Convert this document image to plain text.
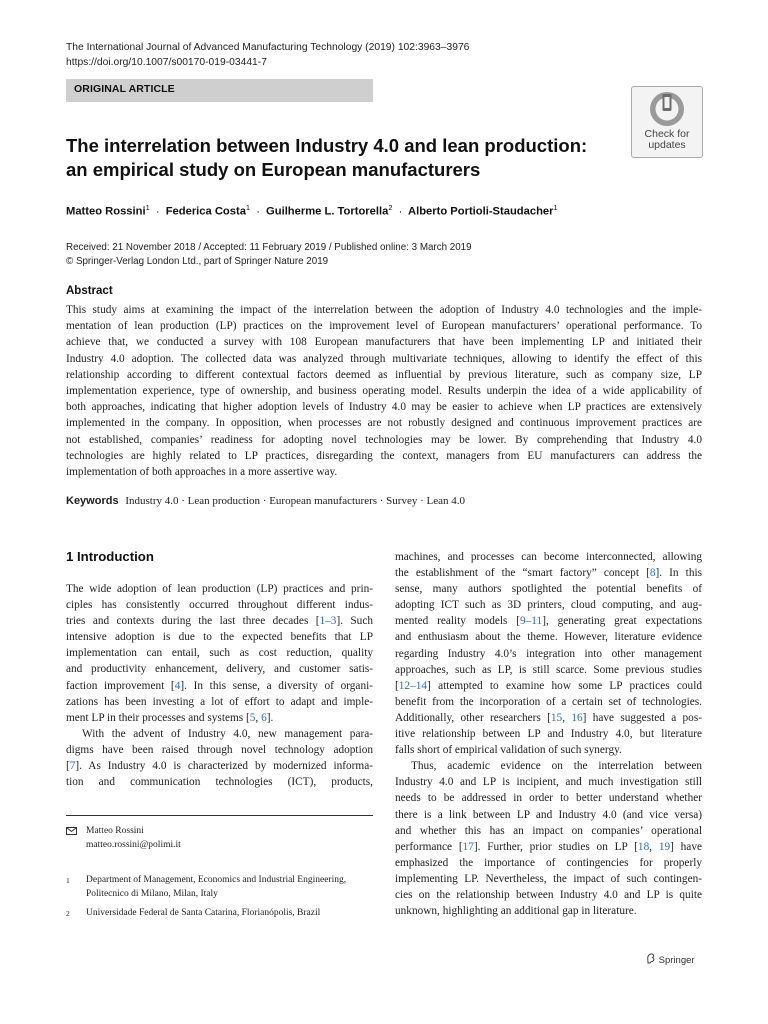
The International Journal of Advanced Manufacturing Technology (2019) 102:3963–3976
https://doi.org/10.1007/s00170-019-03441-7
ORIGINAL ARTICLE
Check for
updates
The interrelation between Industry 4.0 and lean production:
an empirical study on European manufacturers
Matteo Rossini$^1$ · Federica Costa$^1$ · Guilherme L. Tortorella$^2$ · Alberto Portioli-Staudacher$^1$
Received: 21 November 2018 / Accepted: 11 February 2019 / Published online: 3 March 2019
© Springer-Verlag London Ltd., part of Springer Nature 2019
Abstract
This study aims at examining the impact of the interrelation between the adoption of Industry 4.0 technologies and the imple-
mentation of lean production (LP) practices on the improvement level of European manufacturers’ operational performance. To
achieve that, we conducted a survey with 108 European manufacturers that have been implementing LP and initiated their
Industry 4.0 adoption. The collected data was analyzed through multivariate techniques, allowing to identify the effect of this
relationship according to different contextual factors deemed as influential by previous literature, such as company size, LP
implementation experience, type of ownership, and business operating model. Results underpin the idea of a wide applicability of
both approaches, indicating that higher adoption levels of Industry 4.0 may be easier to achieve when LP practices are extensively
implemented in the company. In opposition, when processes are not robustly designed and continuous improvement practices are
not established, companies’ readiness for adopting novel technologies may be lower. By comprehending that Industry 4.0
technologies are highly related to LP practices, disregarding the context, managers from EU manufacturers can address the
implementation of both approaches in a more assertive way.
Keywords Industry 4.0 · Lean production · European manufacturers · Survey · Lean 4.0
1 Introduction
The wide adoption of lean production (LP) practices and prin-
ciples has consistently occurred throughout different indus-
tries and contexts during the last three decades [1–3]. Such
intensive adoption is due to the expected benefits that LP
implementation can entail, such as cost reduction, quality
and productivity enhancement, delivery, and customer satis-
faction improvement [4]. In this sense, a diversity of organi-
zations has been investing a lot of effort to adapt and imple-
ment LP in their processes and systems [5, 6].
With the advent of Industry 4.0, new management para-
digms have been raised through novel technology adoption
[7]. As Industry 4.0 is characterized by modernized informa-
tion and communication technologies (ICT), products,
machines, and processes can become interconnected, allowing
the establishment of the “smart factory” concept [8]. In this
sense, many authors spotlighted the potential benefits of
adopting ICT such as 3D printers, cloud computing, and aug-
mented reality models [9–11], generating great expectations
and enthusiasm about the theme. However, literature evidence
regarding Industry 4.0’s integration into other management
approaches, such as LP, is still scarce. Some previous studies
[12–14] attempted to examine how some LP practices could
benefit from the incorporation of a certain set of technologies.
Additionally, other researchers [15, 16] have suggested a pos-
itive relationship between LP and Industry 4.0, but literature
falls short of empirical validation of such synergy.
Thus, academic evidence on the interrelation between
Industry 4.0 and LP is incipient, and much investigation still
needs to be addressed in order to better understand whether
there is a link between LP and Industry 4.0 (and vice versa)
and whether this has an impact on companies’ operational
performance [17]. Further, prior studies on LP [18, 19] have
emphasized the importance of contingencies for properly
implementing LP. Nevertheless, the impact of such contingen-
cies on the relationship between Industry 4.0 and LP is quite
unknown, highlighting an additional gap in literature.
Matteo Rossini
matteo.rossini@polimi.it
1 Department of Management, Economics and Industrial Engineering,
Politecnico di Milano, Milan, Italy
2 Universidade Federal de Santa Catarina, Florianópolis, Brazil
Springer
